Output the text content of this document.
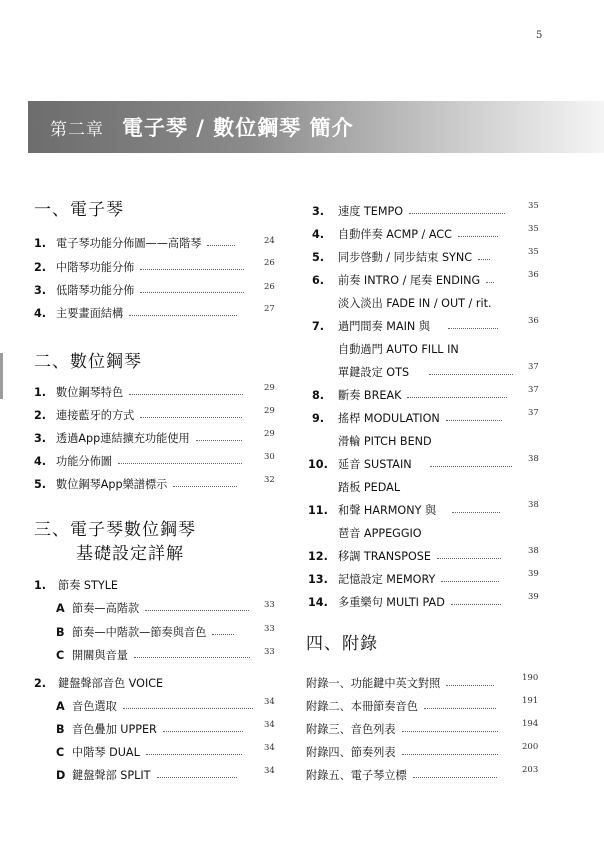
5
第二章 電子琴 / 數位鋼琴 簡介
一、電子琴
1. 電子琴功能分佈圖——高階琴	24
2. 中階琴功能分佈	26
3. 低階琴功能分佈	26
4. 主要畫面結構	27
二、數位鋼琴
1. 數位鋼琴特色	29
2. 連接藍牙的方式	29
3. 透過App連結擴充功能使用	29
4. 功能分佈圖	30
5. 數位鋼琴App樂譜標示	32
三、電子琴數位鋼琴
基礎設定詳解
1.	節奏 STYLE
A 節奏—高階款	33
B 節奏—中階款—節奏與音色	33
C 開關與音量	33
2.	鍵盤聲部音色 VOICE
A 音色選取	34
B 音色疊加 UPPER	34
C 中階琴 DUAL	34
D 鍵盤聲部 SPLIT	34
3.	速度 TEMPO	35
4.	自動伴奏 ACMP / ACC	35
5.	同步啓動 / 同步結束 SYNC	35
6.	前奏 INTRO / 尾奏 ENDING	36
淡入淡出 FADE IN / OUT / rit.
7.	過門間奏 MAIN 與	36
自動過門 AUTO FILL IN
單鍵設定 OTS	37
8.	斷奏 BREAK	37
9.	搖桿 MODULATION	37
滑輪 PITCH BEND
10. 延音 SUSTAIN	38
踏板 PEDAL
11. 和聲 HARMONY 與	38
琶音 APPEGGIO
12. 移調 TRANSPOSE	38
13. 記憶設定 MEMORY	39
14. 多重樂句 MULTI PAD	39
四、附錄
附錄一、功能鍵中英文對照	190
附錄二、本冊節奏音色	191
附錄三、音色列表	194
附錄四、節奏列表	200
附錄五、電子琴立標	203
